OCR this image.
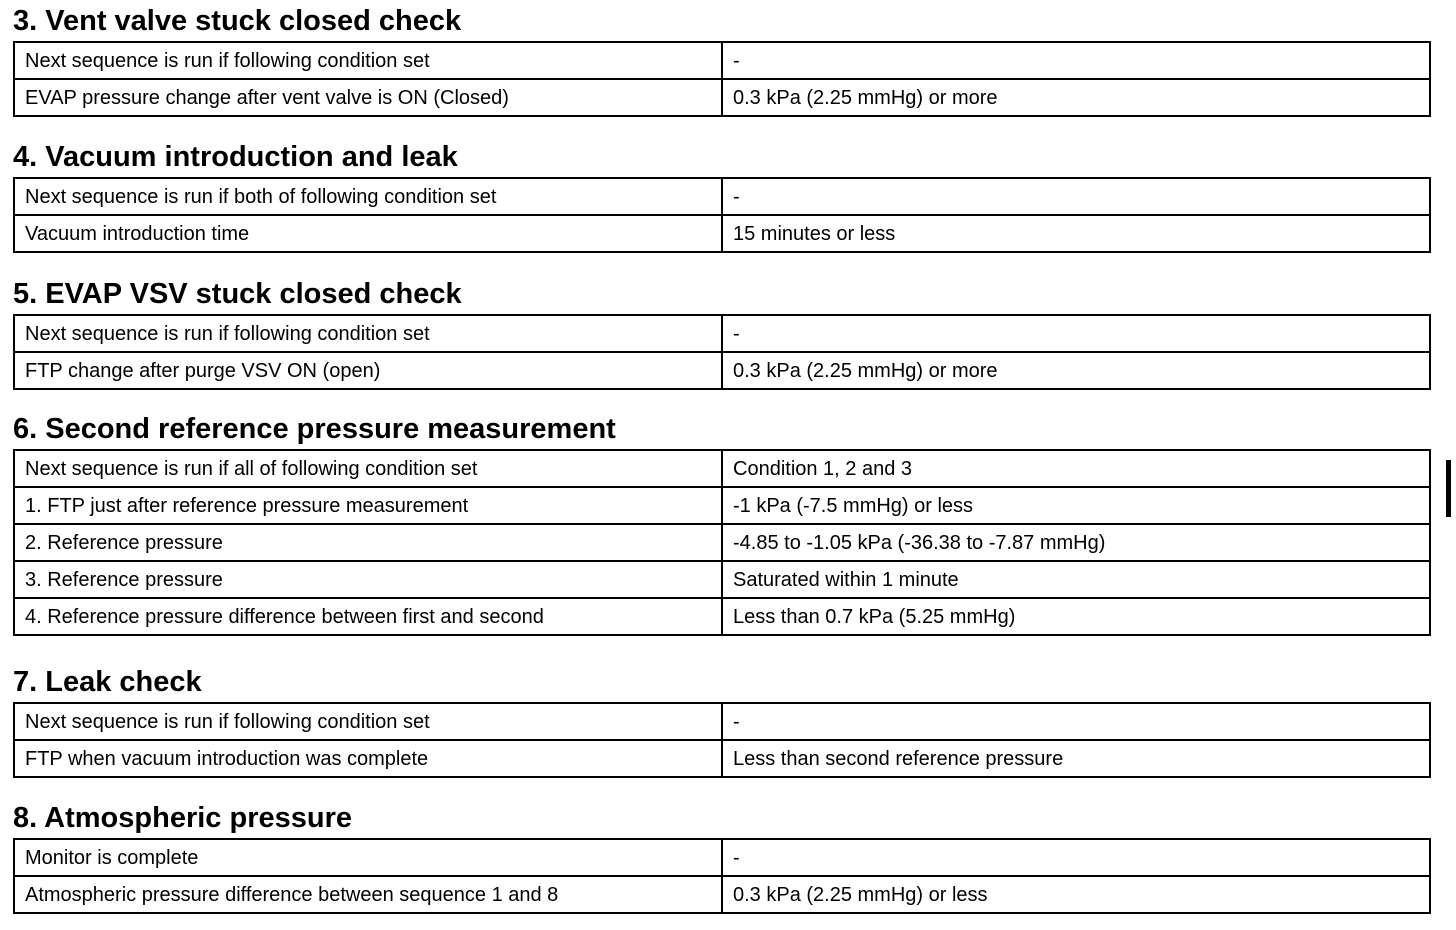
3. Vent valve stuck closed check
Next sequence is run if following condition set	-
EVAP pressure change after vent valve is ON (Closed)	0.3 kPa (2.25 mmHg) or more
4. Vacuum introduction and leak
Next sequence is run if both of following condition set	-
Vacuum introduction time	15 minutes or less
5. EVAP VSV stuck closed check
Next sequence is run if following condition set	-
FTP change after purge VSV ON (open)	0.3 kPa (2.25 mmHg) or more
6. Second reference pressure measurement
Next sequence is run if all of following condition set	Condition 1, 2 and 3
1. FTP just after reference pressure measurement	-1 kPa (-7.5 mmHg) or less
2. Reference pressure	-4.85 to -1.05 kPa (-36.38 to -7.87 mmHg)
3. Reference pressure	Saturated within 1 minute
4. Reference pressure difference between first and second	Less than 0.7 kPa (5.25 mmHg)
7. Leak check
Next sequence is run if following condition set	-
FTP when vacuum introduction was complete	Less than second reference pressure
8. Atmospheric pressure
Monitor is complete	-
Atmospheric pressure difference between sequence 1 and 8	0.3 kPa (2.25 mmHg) or less
